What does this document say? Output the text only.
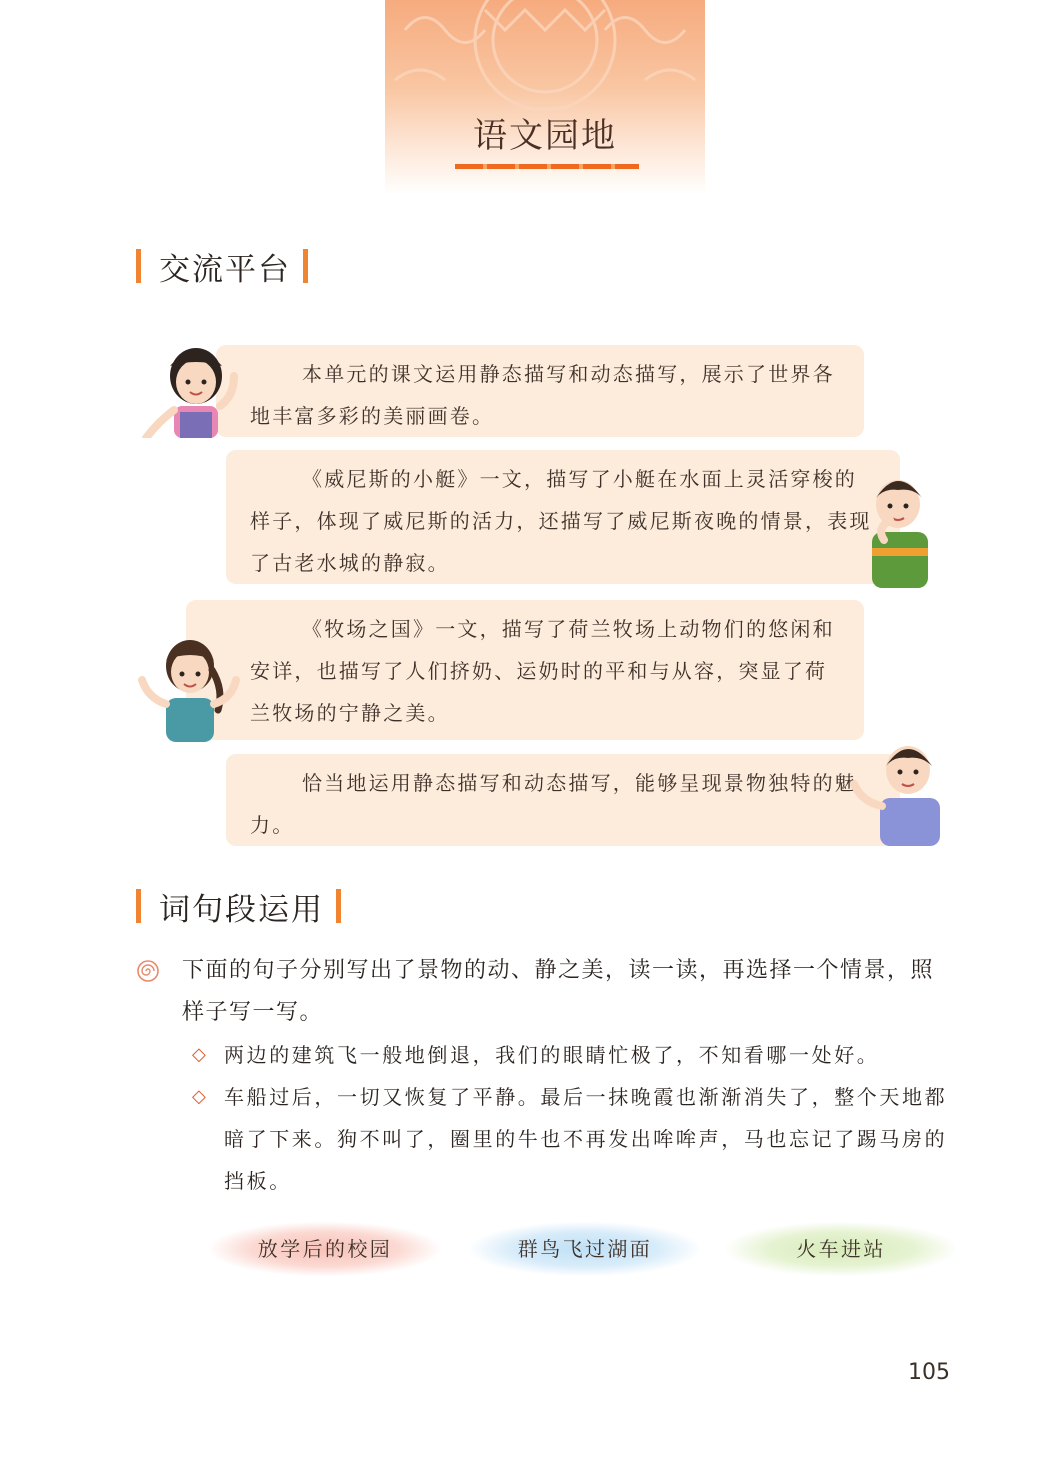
语文园地
交流平台

本单元的课文运用静态描写和动态描写，展示了世界各地丰富多彩的美丽画卷。

《威尼斯的小艇》一文，描写了小艇在水面上灵活穿梭的样子，体现了威尼斯的活力，还描写了威尼斯夜晚的情景，表现了古老水城的静寂。

《牧场之国》一文，描写了荷兰牧场上动物们的悠闲和安详，也描写了人们挤奶、运奶时的平和与从容，突显了荷兰牧场的宁静之美。

恰当地运用静态描写和动态描写，能够呈现景物独特的魅力。

词句段运用
下面的句子分别写出了景物的动、静之美，读一读，再选择一个情景，照样子写一写。
◇ 两边的建筑飞一般地倒退，我们的眼睛忙极了，不知看哪一处好。
◇ 车船过后，一切又恢复了平静。最后一抹晚霞也渐渐消失了，整个天地都暗了下来。狗不叫了，圈里的牛也不再发出哞哞声，马也忘记了踢马房的挡板。
放学后的校园	群鸟飞过湖面	火车进站
105
